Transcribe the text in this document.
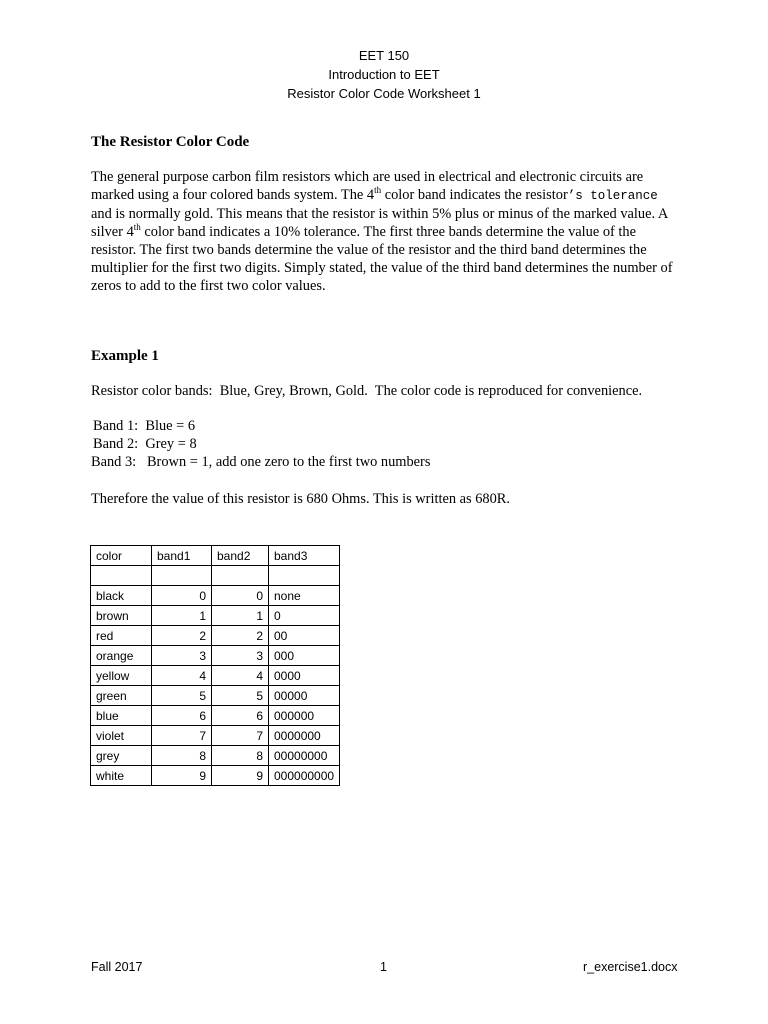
EET 150
Introduction to EET
Resistor Color Code Worksheet 1
The Resistor Color Code
The general purpose carbon film resistors which are used in electrical and electronic circuits are marked using a four colored bands system. The 4th color band indicates the resistor’s tolerance and is normally gold. This means that the resistor is within 5% plus or minus of the marked value. A silver 4th color band indicates a 10% tolerance. The first three bands determine the value of the resistor. The first two bands determine the value of the resistor and the third band determines the multiplier for the first two digits. Simply stated, the value of the third band determines the number of zeros to add to the first two color values.
Example 1
Resistor color bands:  Blue, Grey, Brown, Gold.  The color code is reproduced for convenience.
Band 1:  Blue = 6
Band 2:  Grey = 8
Band 3:   Brown = 1, add one zero to the first two numbers
Therefore the value of this resistor is 680 Ohms. This is written as 680R.
color	band1	band2	band3

black	0	0	none
brown	1	1	0
red	2	2	00
orange	3	3	000
yellow	4	4	0000
green	5	5	00000
blue	6	6	000000
violet	7	7	0000000
grey	8	8	00000000
white	9	9	000000000
Fall 2017	1	r_exercise1.docx
